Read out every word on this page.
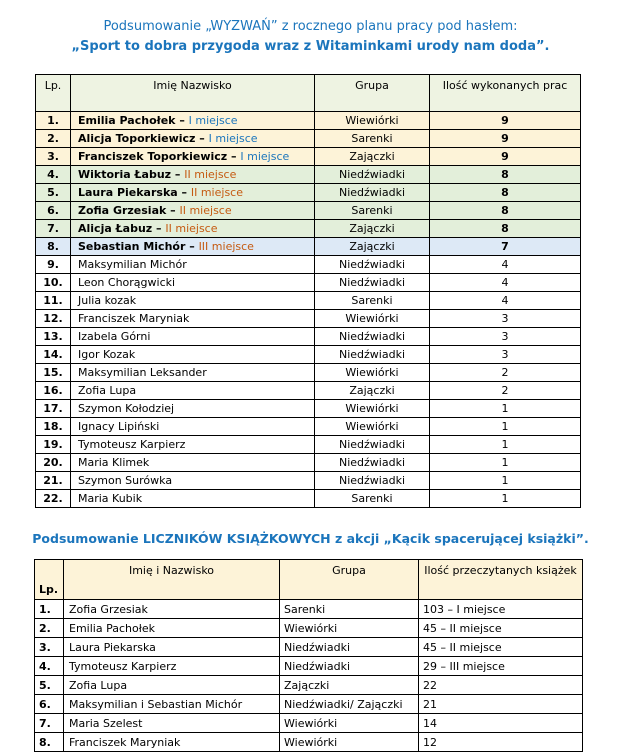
Podsumowanie „WYZWAŃ” z rocznego planu pracy pod hasłem:
„Sport to dobra przygoda wraz z Witaminkami urody nam doda”.
Lp.	Imię Nazwisko	Grupa	Ilość wykonanych prac
1.	Emilia Pachołek – I miejsce	Wiewiórki	9
2.	Alicja Toporkiewicz – I miejsce	Sarenki	9
3.	Franciszek Toporkiewicz – I miejsce	Zajączki	9
4.	Wiktoria Łabuz – II miejsce	Niedźwiadki	8
5.	Laura Piekarska – II miejsce	Niedźwiadki	8
6.	Zofia Grzesiak – II miejsce	Sarenki	8
7.	Alicja Łabuz – II miejsce	Zajączki	8
8.	Sebastian Michór – III miejsce	Zajączki	7
9.	Maksymilian Michór	Niedźwiadki	4
10.	Leon Chorągwicki	Niedźwiadki	4
11.	Julia kozak	Sarenki	4
12.	Franciszek Maryniak	Wiewiórki	3
13.	Izabela Górni	Niedźwiadki	3
14.	Igor Kozak	Niedźwiadki	3
15.	Maksymilian Leksander	Wiewiórki	2
16.	Zofia Lupa	Zajączki	2
17.	Szymon Kołodziej	Wiewiórki	1
18.	Ignacy Lipiński	Wiewiórki	1
19.	Tymoteusz Karpierz	Niedźwiadki	1
20.	Maria Klimek	Niedźwiadki	1
21.	Szymon Surówka	Niedźwiadki	1
22.	Maria Kubik	Sarenki	1
Podsumowanie LICZNIKÓW KSIĄŻKOWYCH z akcji „Kącik spacerującej książki”.
Lp.	Imię i Nazwisko	Grupa	Ilość przeczytanych książek
1.	Zofia Grzesiak	Sarenki	103 – I miejsce
2.	Emilia Pachołek	Wiewiórki	45 – II miejsce
3.	Laura Piekarska	Niedźwiadki	45 – II miejsce
4.	Tymoteusz Karpierz	Niedźwiadki	29 – III miejsce
5.	Zofia Lupa	Zajączki	22
6.	Maksymilian i Sebastian Michór	Niedźwiadki/ Zajączki	21
7.	Maria Szelest	Wiewiórki	14
8.	Franciszek Maryniak	Wiewiórki	12
